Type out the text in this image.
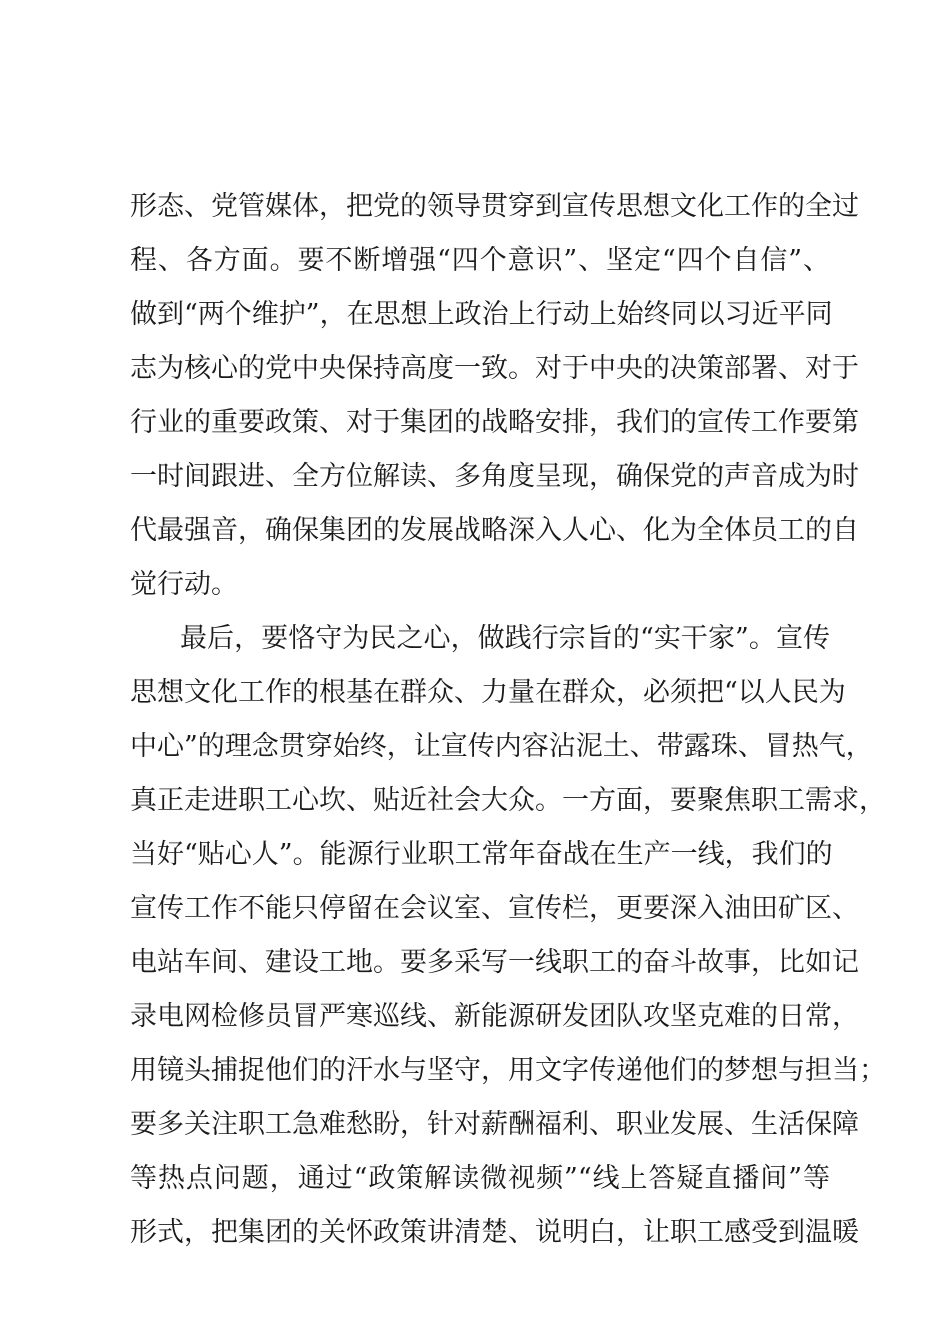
形态、党管媒体，把党的领导贯穿到宣传思想文化工作的全过
程、各方面。要不断增强“四个意识”、坚定“四个自信”、
做到“两个维护”，在思想上政治上行动上始终同以习近平同
志为核心的党中央保持高度一致。对于中央的决策部署、对于
行业的重要政策、对于集团的战略安排，我们的宣传工作要第
一时间跟进、全方位解读、多角度呈现，确保党的声音成为时
代最强音，确保集团的发展战略深入人心、化为全体员工的自
觉行动。
最后，要恪守为民之心，做践行宗旨的“实干家”。宣传
思想文化工作的根基在群众、力量在群众，必须把“以人民为
中心”的理念贯穿始终，让宣传内容沾泥土、带露珠、冒热气，
真正走进职工心坎、贴近社会大众。一方面，要聚焦职工需求，
当好“贴心人”。能源行业职工常年奋战在生产一线，我们的
宣传工作不能只停留在会议室、宣传栏，更要深入油田矿区、
电站车间、建设工地。要多采写一线职工的奋斗故事，比如记
录电网检修员冒严寒巡线、新能源研发团队攻坚克难的日常，
用镜头捕捉他们的汗水与坚守，用文字传递他们的梦想与担当；
要多关注职工急难愁盼，针对薪酬福利、职业发展、生活保障
等热点问题，通过“政策解读微视频”“线上答疑直播间”等
形式，把集团的关怀政策讲清楚、说明白，让职工感受到温暖
